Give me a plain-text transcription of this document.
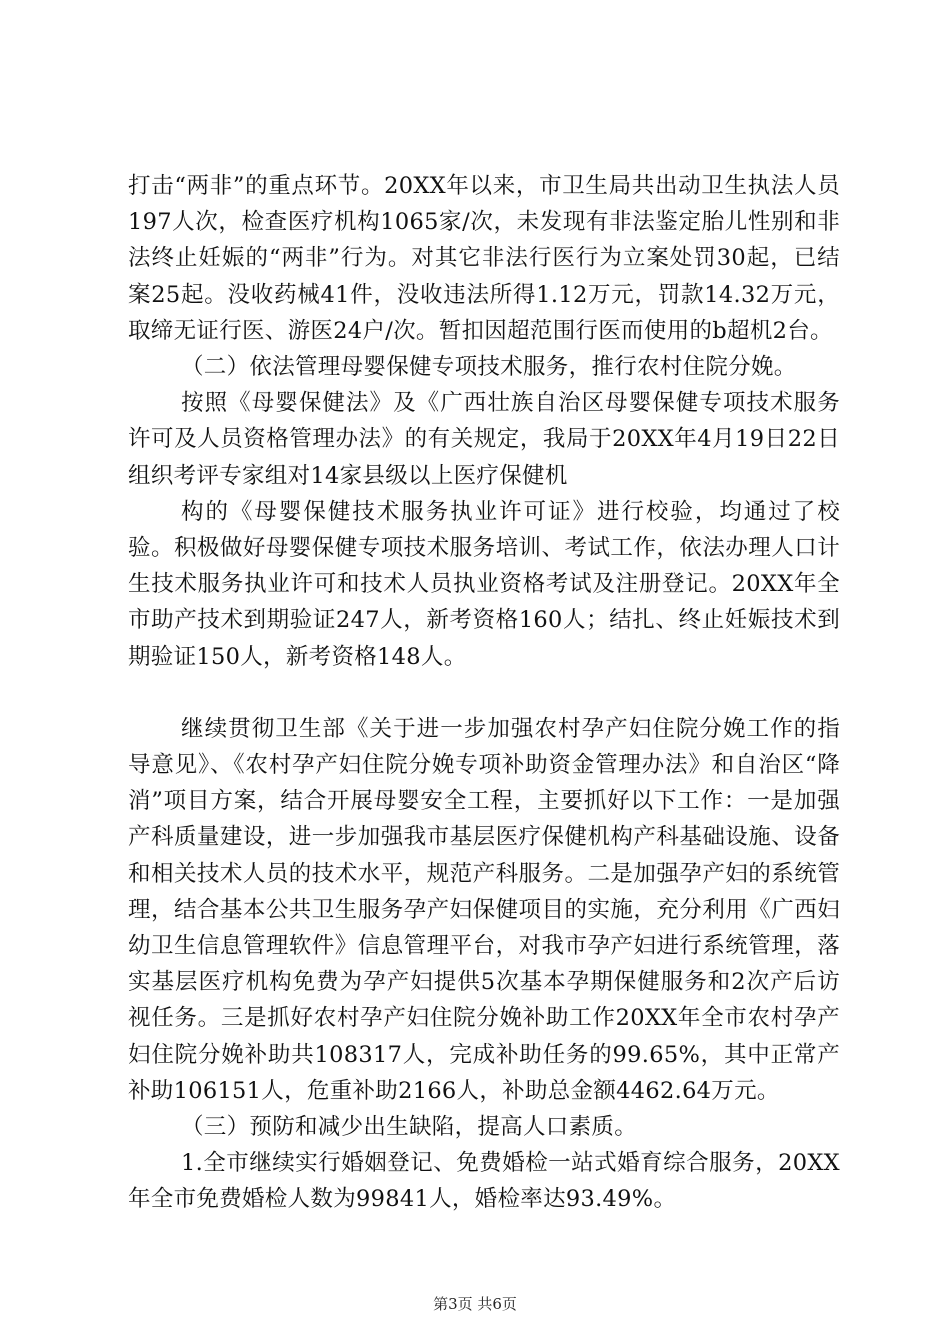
打击“两非”的重点环节。20XX年以来，市卫生局共出动卫生执法人员197人次，检查医疗机构1065家/次，未发现有非法鉴定胎儿性别和非法终止妊娠的“两非”行为。对其它非法行医行为立案处罚30起，已结案25起。没收药械41件，没收违法所得1.12万元，罚款14.32万元，取缔无证行医、游医24户/次。暂扣因超范围行医而使用的b超机2台。

（二）依法管理母婴保健专项技术服务，推行农村住院分娩。

按照《母婴保健法》及《广西壮族自治区母婴保健专项技术服务许可及人员资格管理办法》的有关规定，我局于20XX年4月19日22日组织考评专家组对14家县级以上医疗保健机

构的《母婴保健技术服务执业许可证》进行校验，均通过了校验。积极做好母婴保健专项技术服务培训、考试工作，依法办理人口计生技术服务执业许可和技术人员执业资格考试及注册登记。20XX年全市助产技术到期验证247人，新考资格160人；结扎、终止妊娠技术到期验证150人，新考资格148人。

继续贯彻卫生部《关于进一步加强农村孕产妇住院分娩工作的指导意见》、《农村孕产妇住院分娩专项补助资金管理办法》和自治区“降消”项目方案，结合开展母婴安全工程，主要抓好以下工作：一是加强产科质量建设，进一步加强我市基层医疗保健机构产科基础设施、设备和相关技术人员的技术水平，规范产科服务。二是加强孕产妇的系统管理，结合基本公共卫生服务孕产妇保健项目的实施，充分利用《广西妇幼卫生信息管理软件》信息管理平台，对我市孕产妇进行系统管理，落实基层医疗机构免费为孕产妇提供5次基本孕期保健服务和2次产后访视任务。三是抓好农村孕产妇住院分娩补助工作20XX年全市农村孕产妇住院分娩补助共108317人，完成补助任务的99.65%，其中正常产补助106151人，危重补助2166人，补助总金额4462.64万元。

（三）预防和减少出生缺陷，提高人口素质。

1.全市继续实行婚姻登记、免费婚检一站式婚育综合服务，20XX年全市免费婚检人数为99841人，婚检率达93.49%。

第3页 共6页
